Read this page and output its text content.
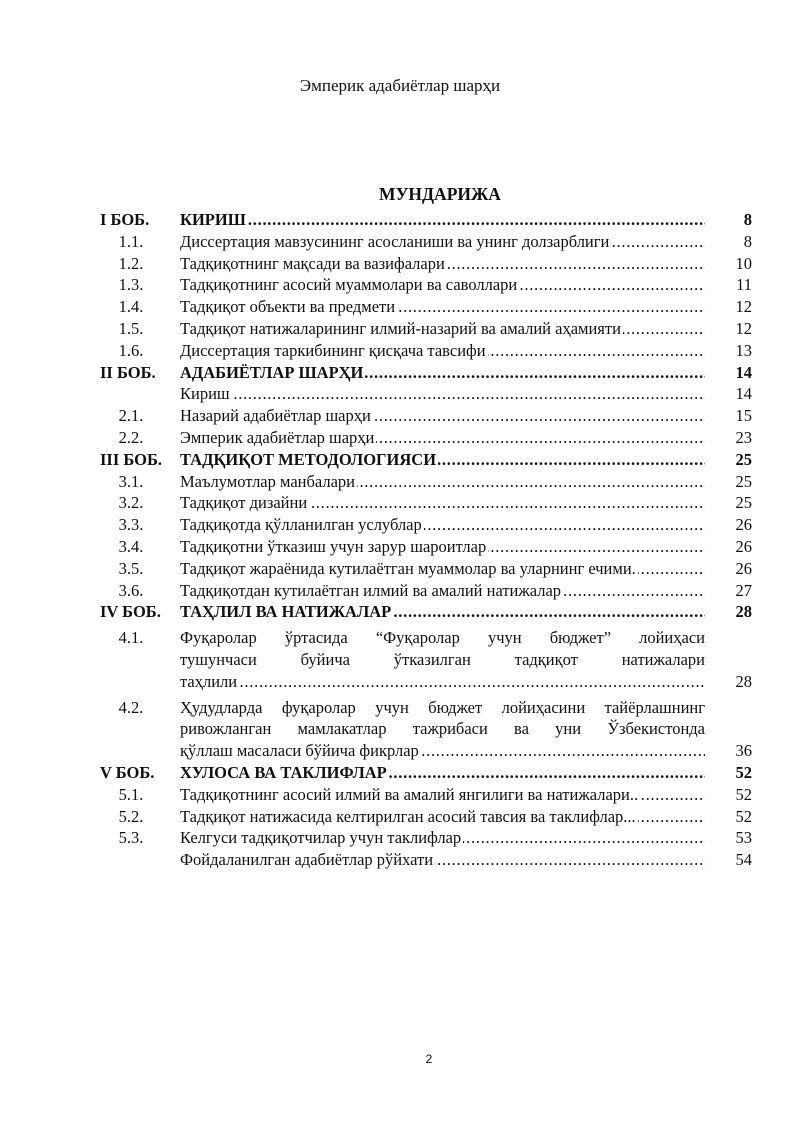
Эмперик адабиётлар шарҳи
МУНДАРИЖА
I БОБ.	КИРИШ . . .	8
1.1.	Диссертация мавзусининг асосланиши ва унинг долзарблиги . . .	8
1.2.	Тадқиқотнинг мақсади ва вазифалари . . .	10
1.3.	Тадқиқотнинг асосий муаммолари ва саволлари . . .	11
1.4.	Тадқиқот объекти ва предмети . . .	12
1.5.	Тадқиқот натижаларининг илмий-назарий ва амалий аҳамияти . . .	12
1.6.	Диссертация таркибининг қисқача тавсифи . . .	13
II БОБ.	АДАБИЁТЛАР ШАРҲИ . . .	14
Кириш . . .	14
2.1.	Назарий адабиётлар шарҳи . . .	15
2.2.	Эмперик адабиётлар шарҳи . . .	23
III БОБ.	ТАДҚИҚОТ МЕТОДОЛОГИЯСИ . . .	25
3.1.	Маълумотлар манбалари . . .	25
3.2.	Тадқиқот дизайни . . .	25
3.3.	Тадқиқотда қўлланилган услублар . . .	26
3.4.	Тадқиқотни ўтказиш учун зарур шароитлар . . .	26
3.5.	Тадқиқот жараёнида кутилаётган муаммолар ва уларнинг ечими. . . .	26
3.6.	Тадқиқотдан кутилаётган илмий ва амалий натижалар . . .	27
IV БОБ.	ТАҲЛИЛ ВА НАТИЖАЛАР . . .	28
4.1.	Фуқаролар ўртасида “Фуқаролар учун бюджет” лойиҳаси
тушунчаси буйича ўтказилган тадқиқот натижалари
таҳлили . . .	28
4.2.	Ҳудудларда фуқаролар учун бюджет лойиҳасини тайёрлашнинг
ривожланган мамлакатлар тажрибаси ва уни Ўзбекистонда
қўллаш масаласи бўйича фикрлар . . .	36
V БОБ.	ХУЛОСА ВА ТАКЛИФЛАР . . .	52
5.1.	Тадқиқотнинг асосий илмий ва амалий янгилиги ва натижалари.. . . .	52
5.2.	Тадқиқот натижасида келтирилган асосий тавсия ва таклифлар... . . .	52
5.3.	Келгуси тадқиқотчилар учун таклифлар . . .	53
Фойдаланилган адабиётлар рўйхати . . .	54
2
